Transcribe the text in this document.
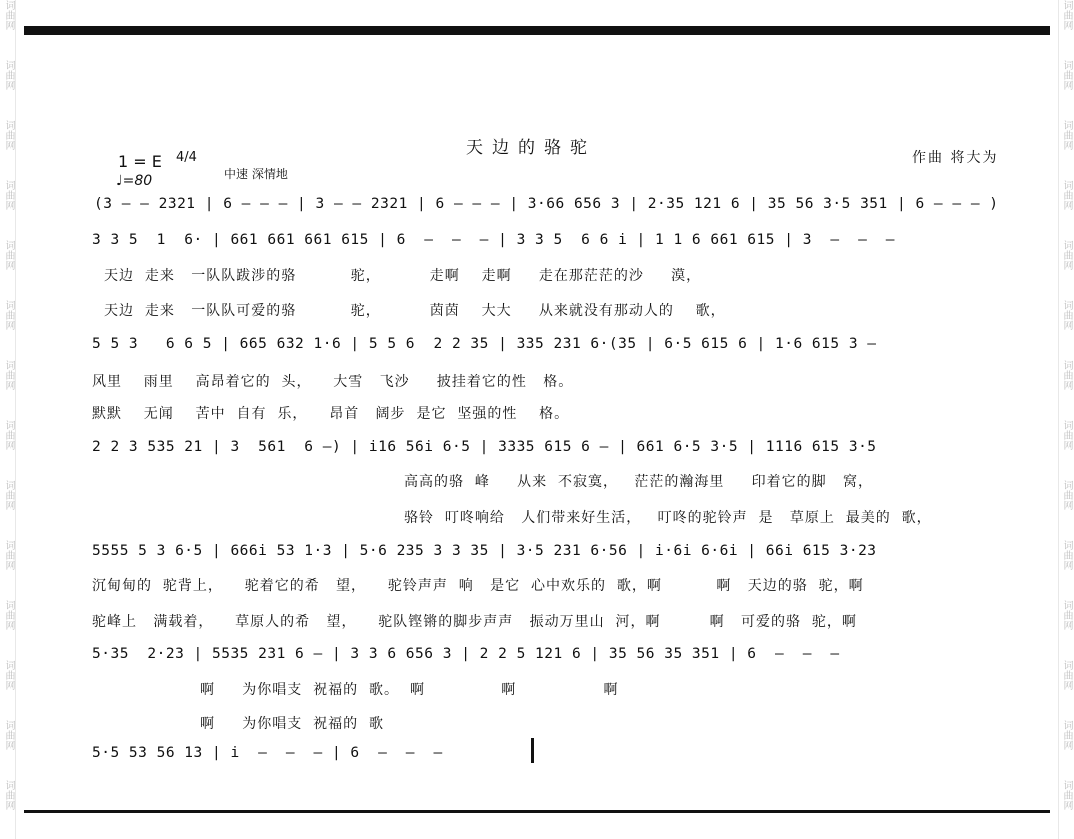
词曲网
词曲网
词曲网
词曲网
词曲网
词曲网
词曲网
词曲网
词曲网
词曲网
词曲网
词曲网
词曲网
词曲网
词曲网
词曲网
词曲网
词曲网
词曲网
词曲网
词曲网
词曲网
词曲网
词曲网
词曲网
词曲网
词曲网
词曲网
天边的骆驼	作曲 将大为
1 = E 4/4
♩=80	中速 深情地
(3 — — 2321 | 6 — — — | 3 — — 2321 | 6 — — — | 3·66 656 3 | 2·35 121 6 | 35 56 3·5 351 | 6 — — — )
3 3 5  1  6· | 661 661 661 615 | 6  —  —  — | 3 3 5  6 6 i | 1 1 6 661 615 | 3  —  —  —
天边  走来   一队队跋涉的骆          驼，         走啊    走啊     走在那茫茫的沙     漠，
天边  走来   一队队可爱的骆          驼，         茵茵    大大     从来就没有那动人的    歌，
5 5 3   6 6 5 | 665 632 1·6 | 5 5 6  2 2 35 | 335 231 6·(35 | 6·5 615 6 | 1·6 615 3 —
风里    雨里    高昂着它的  头，    大雪   飞沙     披挂着它的性   格。
默默    无闻    苦中  自有  乐，    昂首   阔步  是它  坚强的性    格。
2 2 3 535 21 | 3  561  6 —) | i16 56i 6·5 | 3335 615 6 — | 661 6·5 3·5 | 1116 615 3·5
高高的骆  峰     从来  不寂寞，   茫茫的瀚海里     印着它的脚   窝，
骆铃  叮咚响给   人们带来好生活，   叮咚的驼铃声  是   草原上  最美的  歌，
5555 5 3 6·5 | 666i 53 1·3 | 5·6 235 3 3 35 | 3·5 231 6·56 | i·6i 6·6i | 66i 615 3·23
沉甸甸的  驼背上，    驼着它的希   望，    驼铃声声  响   是它  心中欢乐的  歌，啊          啊   天边的骆  驼，啊
驼峰上   满载着，    草原人的希   望，    驼队铿锵的脚步声声   振动万里山  河，啊         啊   可爱的骆  驼，啊
5·35  2·23 | 5535 231 6 — | 3 3 6 656 3 | 2 2 5 121 6 | 35 56 35 351 | 6  —  —  —
啊     为你唱支  祝福的  歌。  啊              啊                啊
啊     为你唱支  祝福的  歌
5·5 53 56 13 | i  —  —  — | 6  —  —  —
